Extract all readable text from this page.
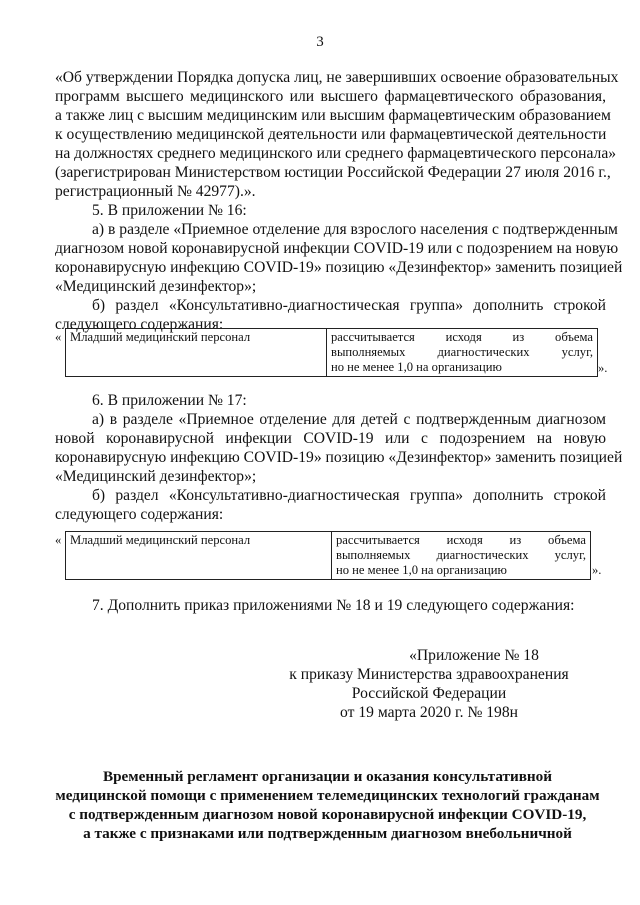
3
«Об утверждении Порядка допуска лиц, не завершивших освоение образовательных
программ высшего медицинского или высшего фармацевтического образования,
а также лиц с высшим медицинским или высшим фармацевтическим образованием
к осуществлению медицинской деятельности или фармацевтической деятельности
на должностях среднего медицинского или среднего фармацевтического персонала»
(зарегистрирован Министерством юстиции Российской Федерации 27 июля 2016 г.,
регистрационный № 42977).».
5. В приложении № 16:
а) в разделе «Приемное отделение для взрослого населения с подтвержденным
диагнозом новой коронавирусной инфекции COVID-19 или с подозрением на новую
коронавирусную инфекцию COVID-19» позицию «Дезинфектор» заменить позицией
«Медицинский дезинфектор»;
б) раздел «Консультативно-диагностическая группа» дополнить строкой
следующего содержания:
« Младший медицинский персонал	рассчитывается исходя из объема
выполняемых диагностических услуг,
но не менее 1,0 на организацию	».
6. В приложении № 17:
а) в разделе «Приемное отделение для детей с подтвержденным диагнозом
новой коронавирусной инфекции COVID-19 или с подозрением на новую
коронавирусную инфекцию COVID-19» позицию «Дезинфектор» заменить позицией
«Медицинский дезинфектор»;
б) раздел «Консультативно-диагностическая группа» дополнить строкой
следующего содержания:
« Младший медицинский персонал	рассчитывается исходя из объема
выполняемых диагностических услуг,
но не менее 1,0 на организацию	».
7. Дополнить приказ приложениями № 18 и 19 следующего содержания:
«Приложение № 18
к приказу Министерства здравоохранения
Российской Федерации
от 19 марта 2020 г. № 198н
Временный регламент организации и оказания консультативной
медицинской помощи с применением телемедицинских технологий гражданам
с подтвержденным диагнозом новой коронавирусной инфекции COVID-19,
а также с признаками или подтвержденным диагнозом внебольничной
